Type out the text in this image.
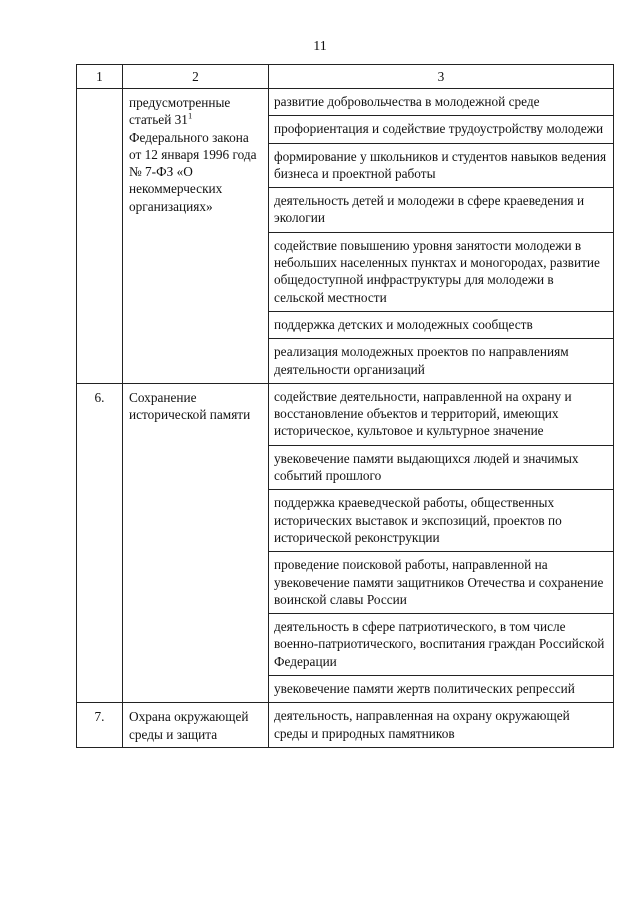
11
1	2	3
	предусмотренные статьей $31^1$ Федерального закона от 12 января 1996 года № 7-ФЗ «О некоммерческих организациях»	развитие добровольчества в молодежной среде
		профориентация и содействие трудоустройству молодежи
		формирование у школьников и студентов навыков ведения бизнеса и проектной работы
		деятельность детей и молодежи в сфере краеведения и экологии
		содействие повышению уровня занятости молодежи в небольших населенных пунктах и моногородах, развитие общедоступной инфраструктуры для молодежи в сельской местности
		поддержка детских и молодежных сообществ
		реализация молодежных проектов по направлениям деятельности организаций
6.	Сохранение исторической памяти	содействие деятельности, направленной на охрану и восстановление объектов и территорий, имеющих историческое, культовое и культурное значение
		увековечение памяти выдающихся людей и значимых событий прошлого
		поддержка краеведческой работы, общественных исторических выставок и экспозиций, проектов по исторической реконструкции
		проведение поисковой работы, направленной на увековечение памяти защитников Отечества и сохранение воинской славы России
		деятельность в сфере патриотического, в том числе военно-патриотического, воспитания граждан Российской Федерации
		увековечение памяти жертв политических репрессий
7.	Охрана окружающей среды и защита	деятельность, направленная на охрану окружающей среды и природных памятников
